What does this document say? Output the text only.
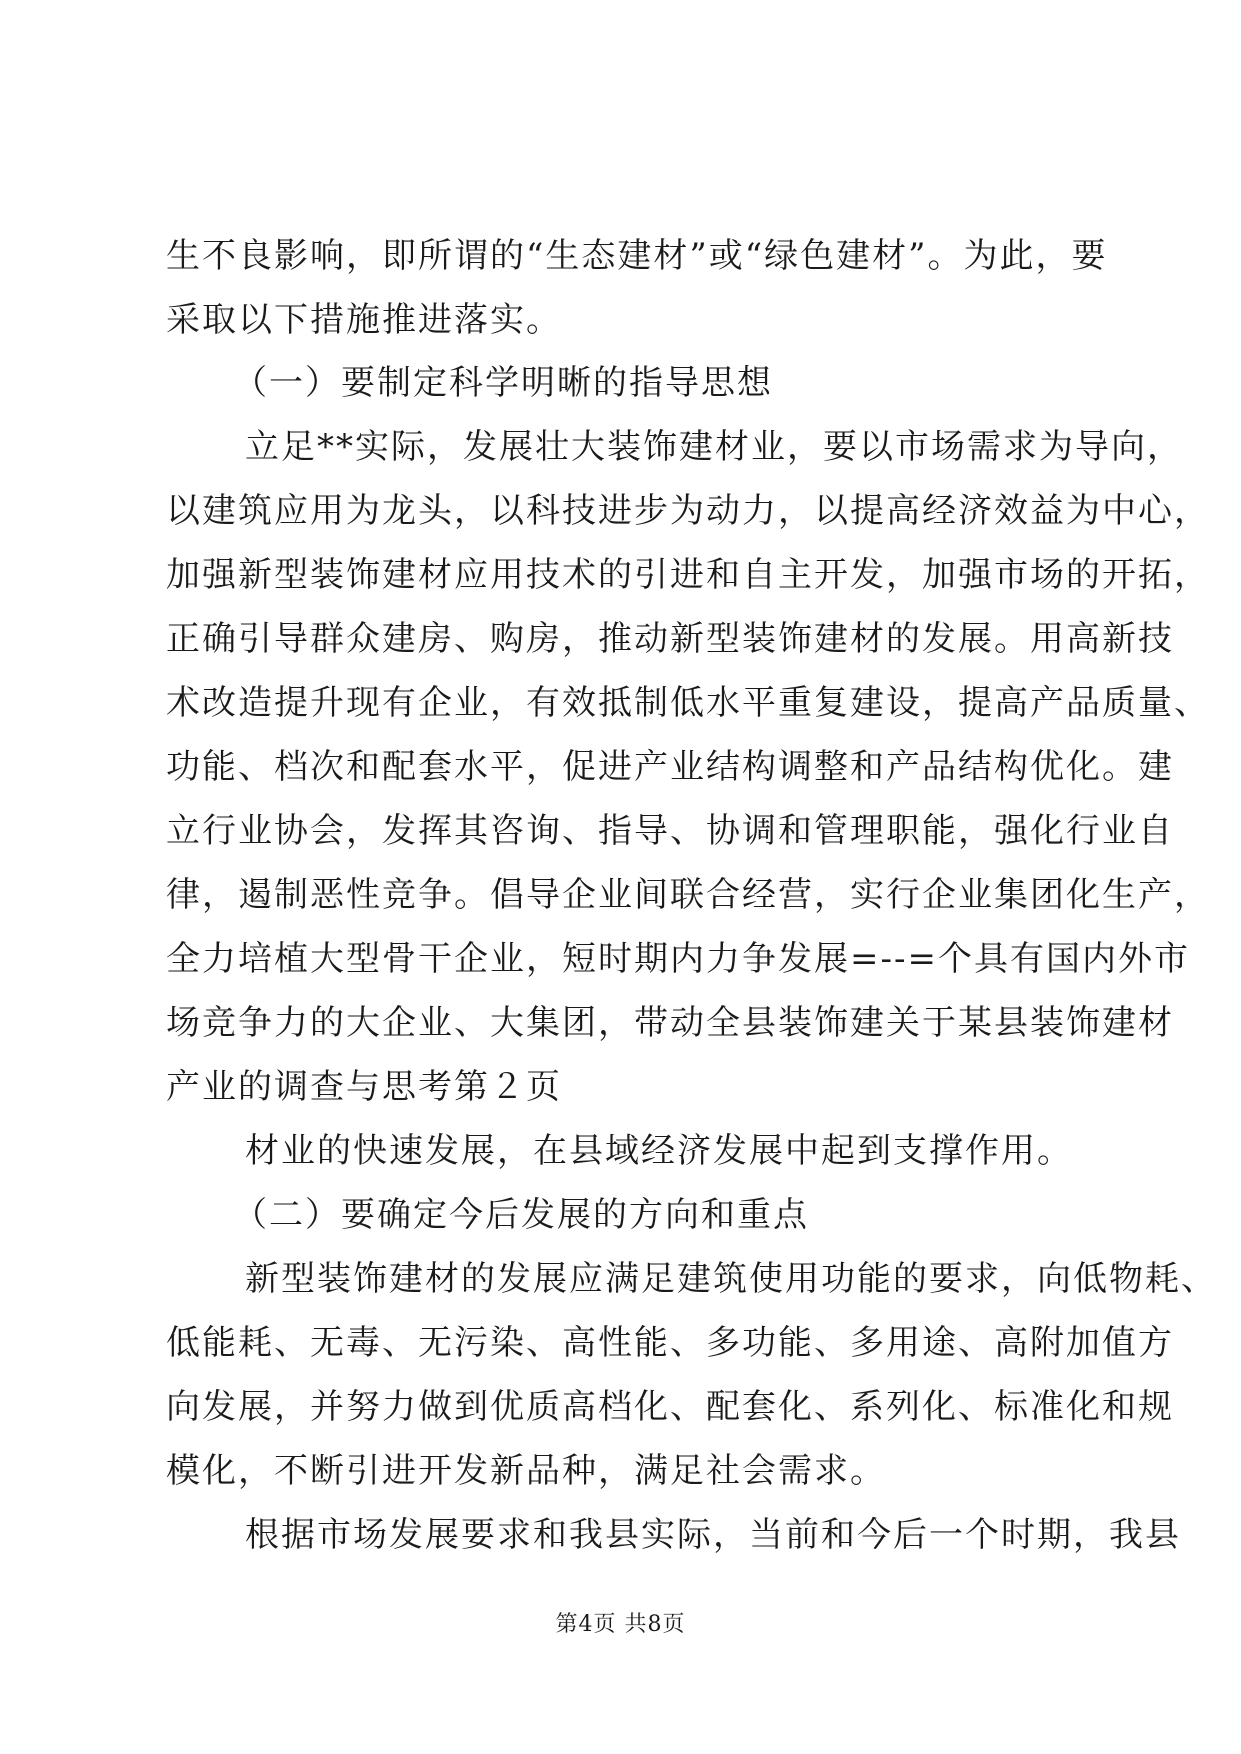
生不良影响，即所谓的“生态建材”或“绿色建材”。为此，要
采取以下措施推进落实。
（一）要制定科学明晰的指导思想
立足**实际，发展壮大装饰建材业，要以市场需求为导向，
以建筑应用为龙头，以科技进步为动力，以提高经济效益为中心，
加强新型装饰建材应用技术的引进和自主开发，加强市场的开拓，
正确引导群众建房、购房，推动新型装饰建材的发展。用高新技
术改造提升现有企业，有效抵制低水平重复建设，提高产品质量、
功能、档次和配套水平，促进产业结构调整和产品结构优化。建
立行业协会，发挥其咨询、指导、协调和管理职能，强化行业自
律，遏制恶性竞争。倡导企业间联合经营，实行企业集团化生产，
全力培植大型骨干企业，短时期内力争发展=--=个具有国内外市
场竞争力的大企业、大集团，带动全县装饰建关于某县装饰建材
产业的调查与思考第２页
材业的快速发展，在县域经济发展中起到支撑作用。
（二）要确定今后发展的方向和重点
新型装饰建材的发展应满足建筑使用功能的要求，向低物耗、
低能耗、无毒、无污染、高性能、多功能、多用途、高附加值方
向发展，并努力做到优质高档化、配套化、系列化、标准化和规
模化，不断引进开发新品种，满足社会需求。
根据市场发展要求和我县实际，当前和今后一个时期，我县
第4页 共8页
